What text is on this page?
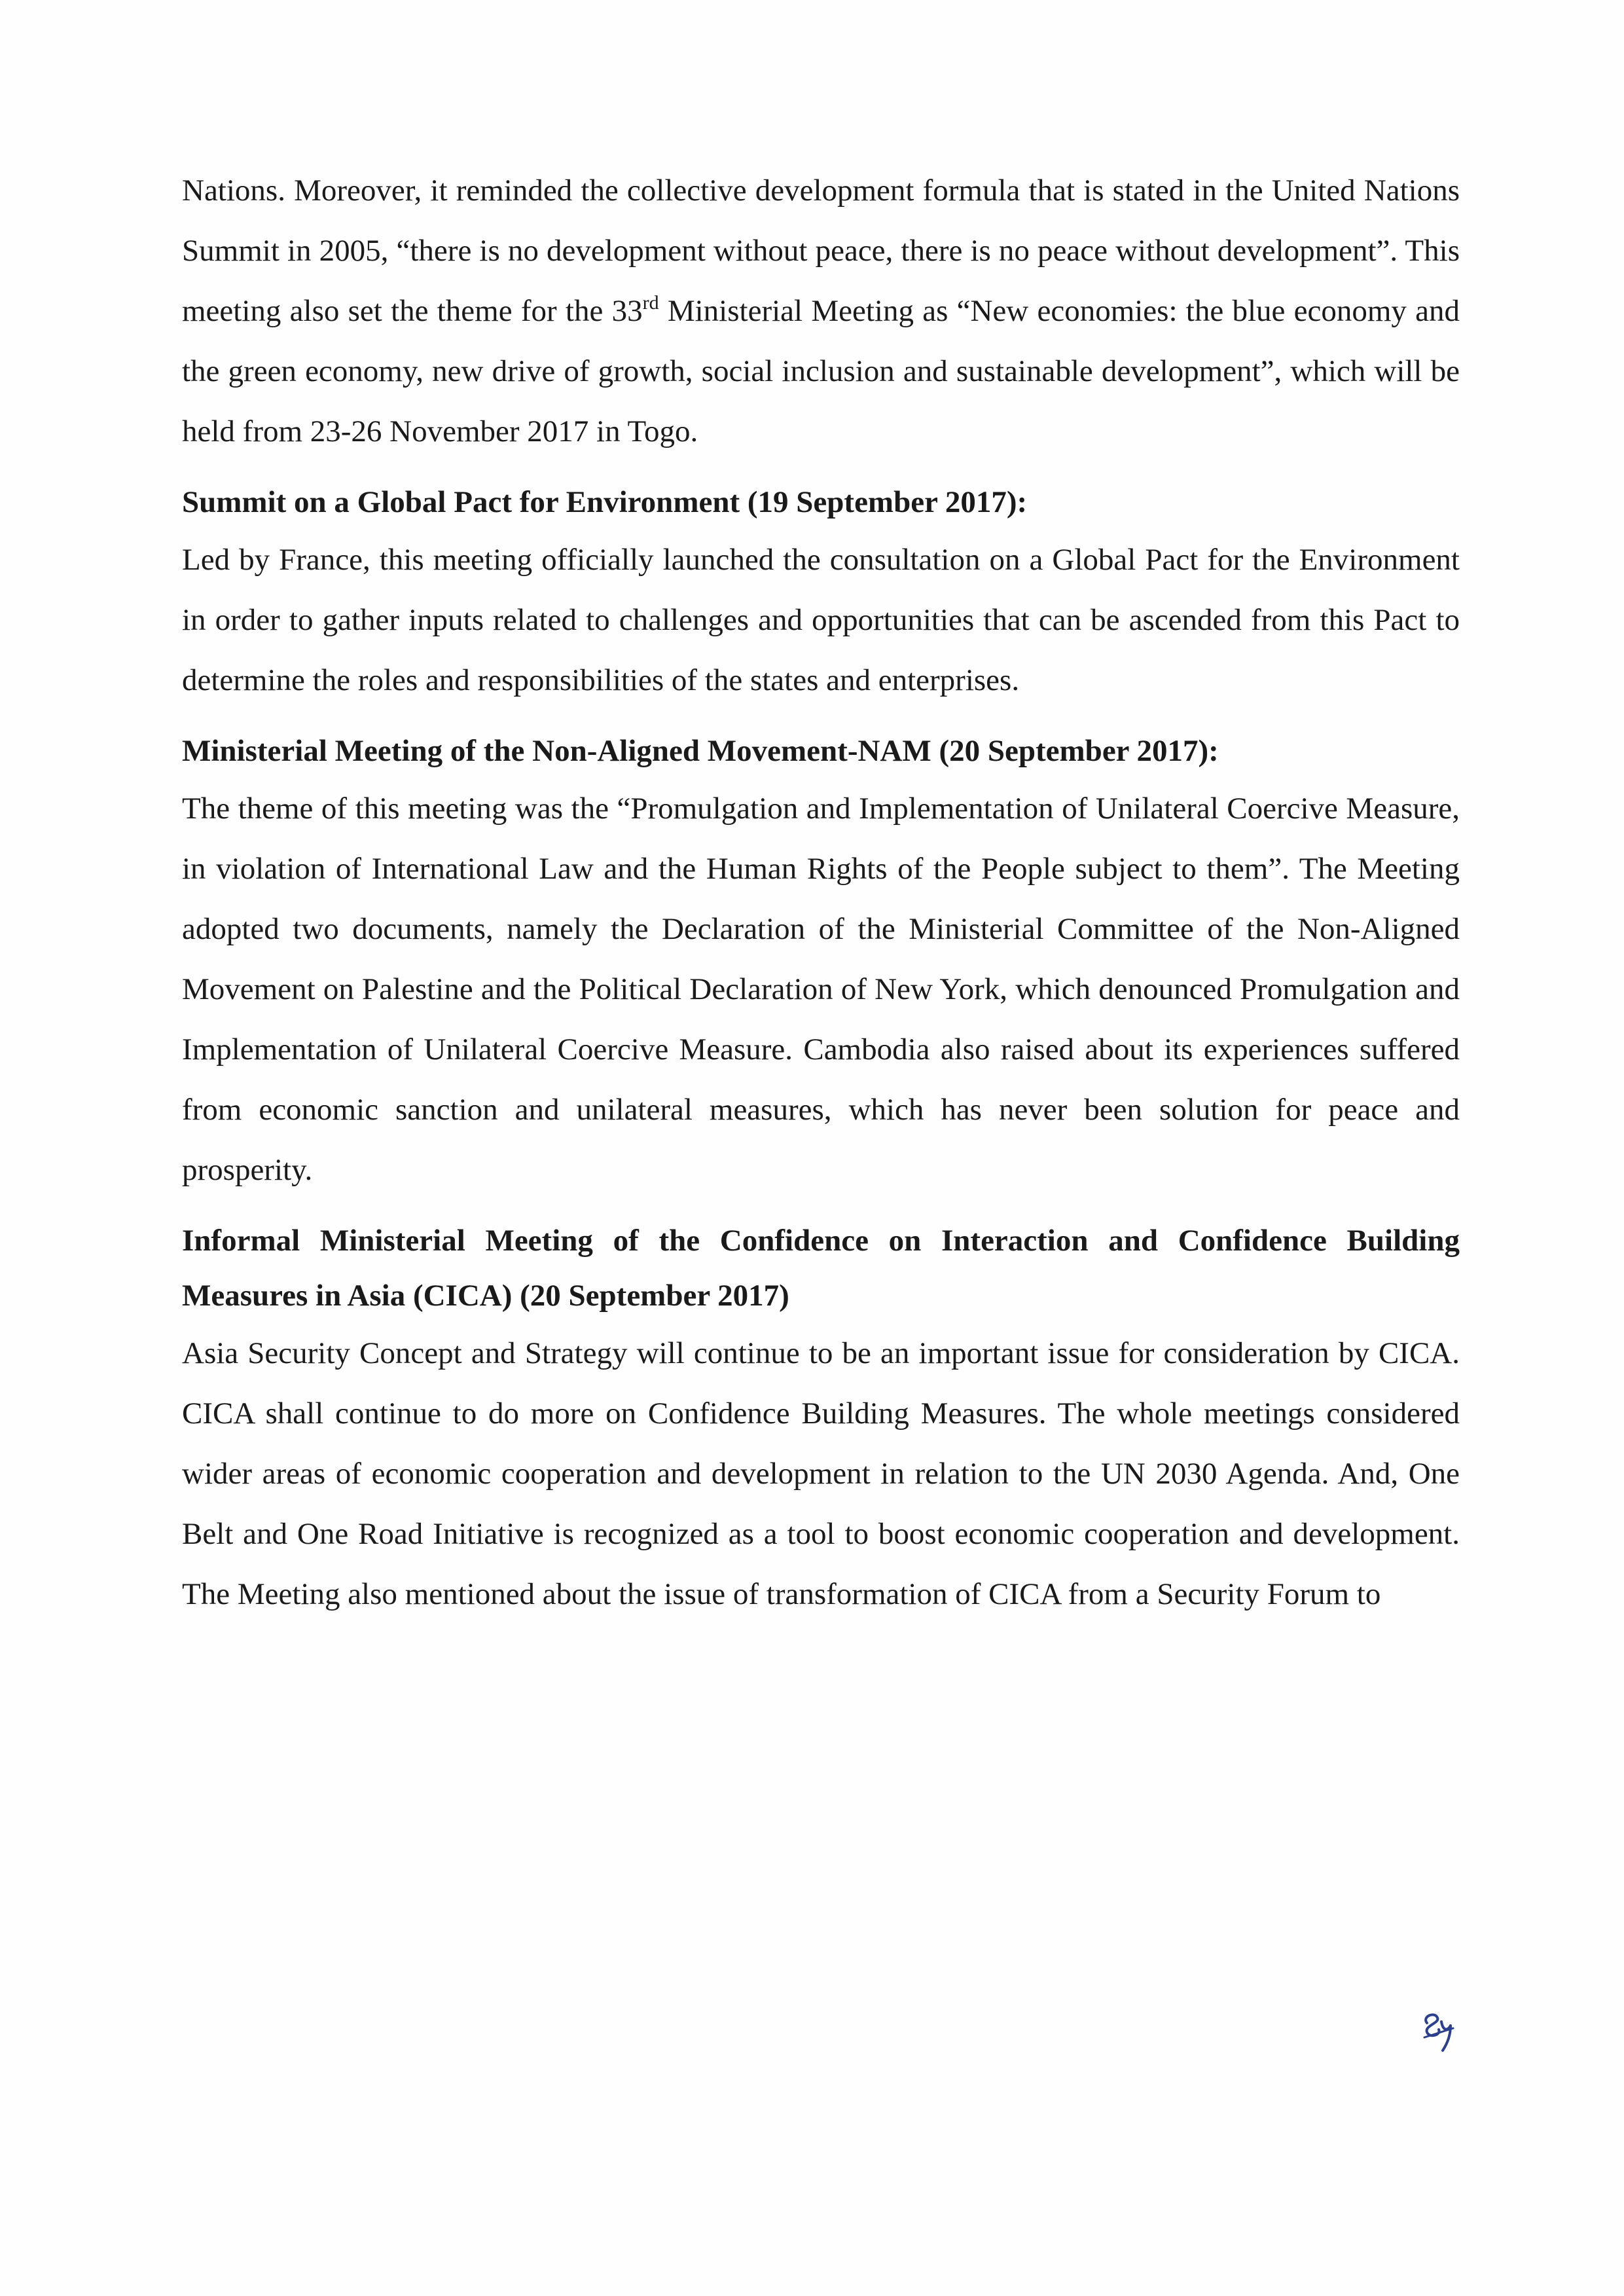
Nations. Moreover, it reminded the collective development formula that is stated in the United Nations Summit in 2005, “there is no development without peace, there is no peace without development”. This meeting also set the theme for the 33rd Ministerial Meeting as “New economies: the blue economy and the green economy, new drive of growth, social inclusion and sustainable development”, which will be held from 23-26 November 2017 in Togo.

Summit on a Global Pact for Environment (19 September 2017):

Led by France, this meeting officially launched the consultation on a Global Pact for the Environment in order to gather inputs related to challenges and opportunities that can be ascended from this Pact to determine the roles and responsibilities of the states and enterprises.

Ministerial Meeting of the Non-Aligned Movement-NAM (20 September 2017):

The theme of this meeting was the “Promulgation and Implementation of Unilateral Coercive Measure, in violation of International Law and the Human Rights of the People subject to them”. The Meeting adopted two documents, namely the Declaration of the Ministerial Committee of the Non-Aligned Movement on Palestine and the Political Declaration of New York, which denounced Promulgation and Implementation of Unilateral Coercive Measure. Cambodia also raised about its experiences suffered from economic sanction and unilateral measures, which has never been solution for peace and prosperity.

Informal Ministerial Meeting of the Confidence on Interaction and Confidence Building Measures in Asia (CICA) (20 September 2017)

Asia Security Concept and Strategy will continue to be an important issue for consideration by CICA. CICA shall continue to do more on Confidence Building Measures. The whole meetings considered wider areas of economic cooperation and development in relation to the UN 2030 Agenda. And, One Belt and One Road Initiative is recognized as a tool to boost economic cooperation and development. The Meeting also mentioned about the issue of transformation of CICA from a Security Forum to
